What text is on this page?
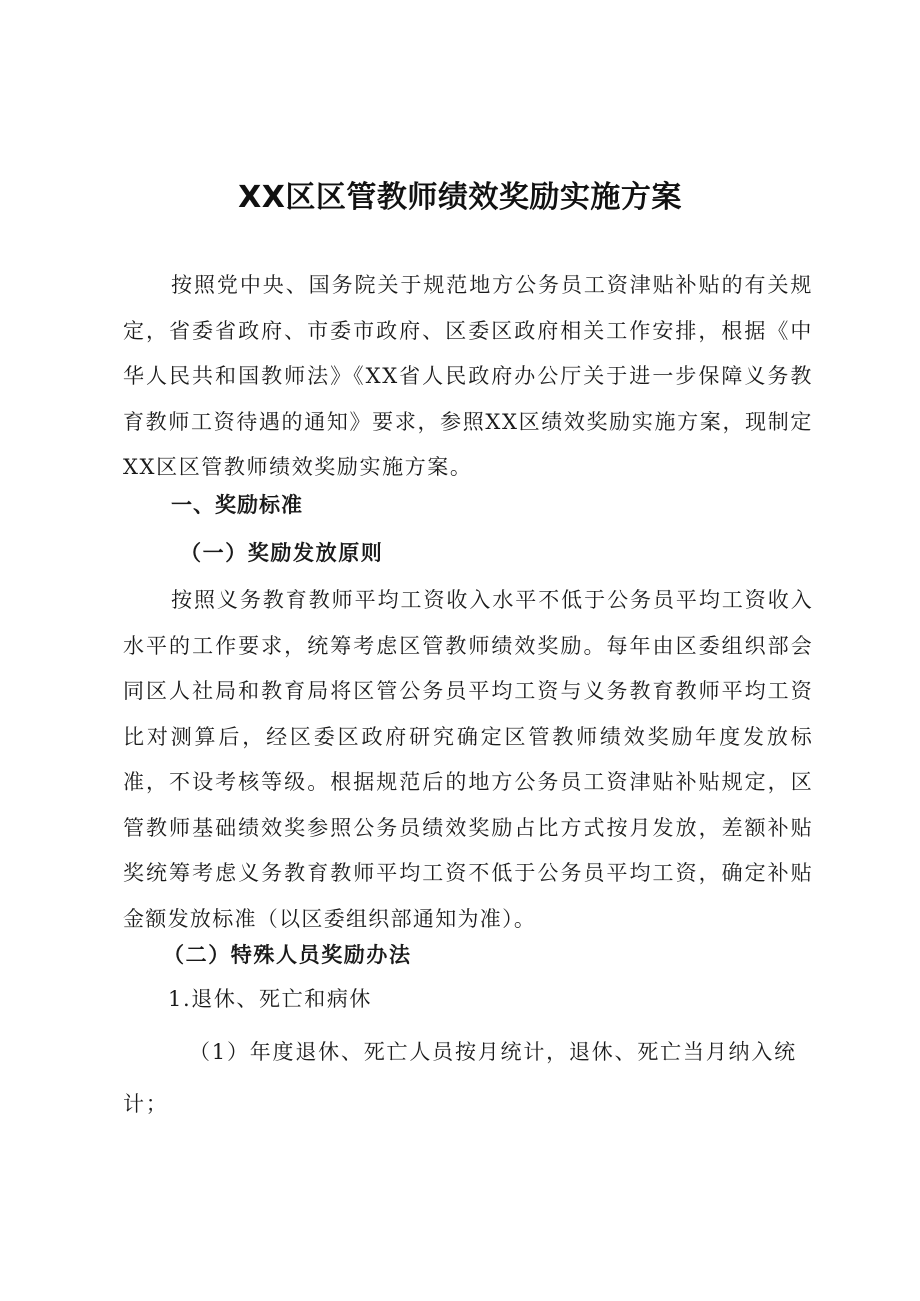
XX区区管教师绩效奖励实施方案

按照党中央、国务院关于规范地方公务员工资津贴补贴的有关规定，省委省政府、市委市政府、区委区政府相关工作安排，根据《中华人民共和国教师法》《XX省人民政府办公厅关于进一步保障义务教育教师工资待遇的通知》要求，参照XX区绩效奖励实施方案，现制定XX区区管教师绩效奖励实施方案。

一、奖励标准
（一）奖励发放原则

按照义务教育教师平均工资收入水平不低于公务员平均工资收入水平的工作要求，统筹考虑区管教师绩效奖励。每年由区委组织部会同区人社局和教育局将区管公务员平均工资与义务教育教师平均工资比对测算后，经区委区政府研究确定区管教师绩效奖励年度发放标准，不设考核等级。根据规范后的地方公务员工资津贴补贴规定，区管教师基础绩效奖参照公务员绩效奖励占比方式按月发放，差额补贴奖统筹考虑义务教育教师平均工资不低于公务员平均工资，确定补贴金额发放标准（以区委组织部通知为准）。

（二）特殊人员奖励办法

1.退休、死亡和病休

（1）年度退休、死亡人员按月统计，退休、死亡当月纳入统计；
